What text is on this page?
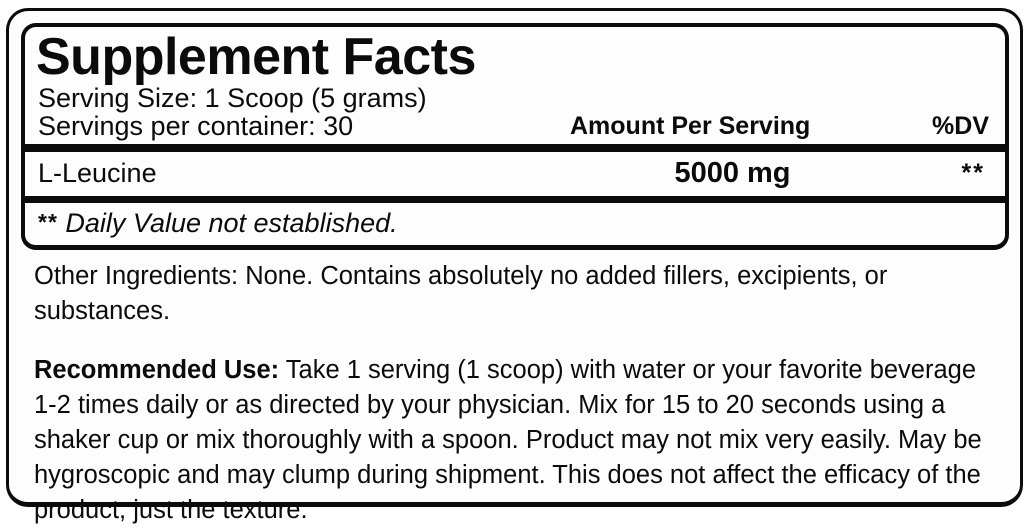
Supplement Facts
Serving Size: 1 Scoop (5 grams)
Servings per container: 30	Amount Per Serving	%DV
L-Leucine	5000 mg	**
** Daily Value not established.

Other Ingredients: None. Contains absolutely no added fillers, excipients, or substances.

Recommended Use: Take 1 serving (1 scoop) with water or your favorite beverage 1-2 times daily or as directed by your physician. Mix for 15 to 20 seconds using a shaker cup or mix thoroughly with a spoon. Product may not mix very easily. May be hygroscopic and may clump during shipment. This does not affect the efficacy of the product, just the texture.
